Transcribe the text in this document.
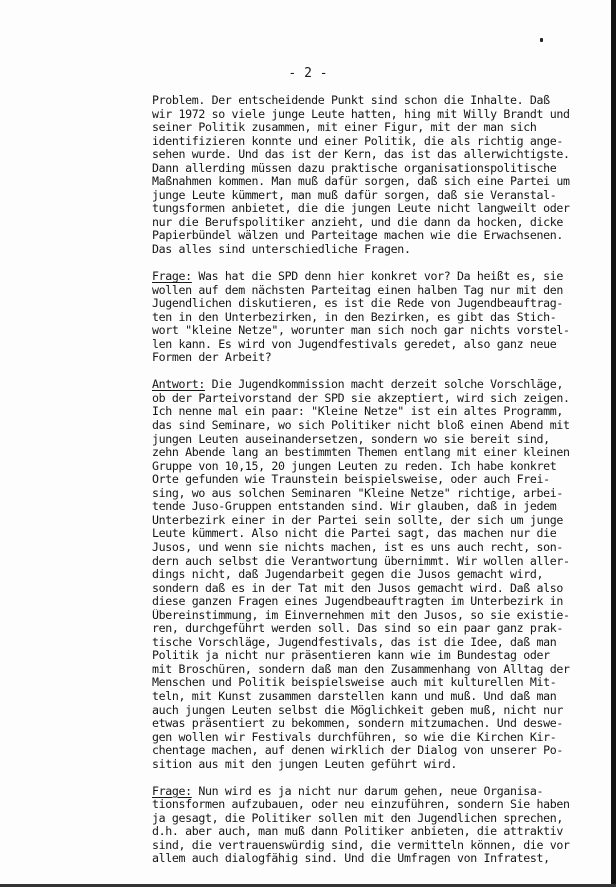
- 2 -
Problem. Der entscheidende Punkt sind schon die Inhalte. Daß
wir 1972 so viele junge Leute hatten, hing mit Willy Brandt und
seiner Politik zusammen, mit einer Figur, mit der man sich
identifizieren konnte und einer Politik, die als richtig ange-
sehen wurde. Und das ist der Kern, das ist das allerwichtigste.
Dann allerding müssen dazu praktische organisationspolitische
Maßnahmen kommen. Man muß dafür sorgen, daß sich eine Partei um
junge Leute kümmert, man muß dafür sorgen, daß sie Veranstal-
tungsformen anbietet, die die jungen Leute nicht langweilt oder
nur die Berufspolitiker anzieht, und die dann da hocken, dicke
Papierbündel wälzen und Parteitage machen wie die Erwachsenen.
Das alles sind unterschiedliche Fragen.
Frage: Was hat die SPD denn hier konkret vor? Da heißt es, sie
wollen auf dem nächsten Parteitag einen halben Tag nur mit den
Jugendlichen diskutieren, es ist die Rede von Jugendbeauftrag-
ten in den Unterbezirken, in den Bezirken, es gibt das Stich-
wort "kleine Netze", worunter man sich noch gar nichts vorstel-
len kann. Es wird von Jugendfestivals geredet, also ganz neue
Formen der Arbeit?
Antwort: Die Jugendkommission macht derzeit solche Vorschläge,
ob der Parteivorstand der SPD sie akzeptiert, wird sich zeigen.
Ich nenne mal ein paar: "Kleine Netze" ist ein altes Programm,
das sind Seminare, wo sich Politiker nicht bloß einen Abend mit
jungen Leuten auseinandersetzen, sondern wo sie bereit sind,
zehn Abende lang an bestimmten Themen entlang mit einer kleinen
Gruppe von 10,15, 20 jungen Leuten zu reden. Ich habe konkret
Orte gefunden wie Traunstein beispielsweise, oder auch Frei-
sing, wo aus solchen Seminaren "Kleine Netze" richtige, arbei-
tende Juso-Gruppen entstanden sind. Wir glauben, daß in jedem
Unterbezirk einer in der Partei sein sollte, der sich um junge
Leute kümmert. Also nicht die Partei sagt, das machen nur die
Jusos, und wenn sie nichts machen, ist es uns auch recht, son-
dern auch selbst die Verantwortung übernimmt. Wir wollen aller-
dings nicht, daß Jugendarbeit gegen die Jusos gemacht wird,
sondern daß es in der Tat mit den Jusos gemacht wird. Daß also
diese ganzen Fragen eines Jugendbeauftragten im Unterbezirk in
Übereinstimmung, im Einvernehmen mit den Jusos, so sie existie-
ren, durchgeführt werden soll. Das sind so ein paar ganz prak-
tische Vorschläge, Jugendfestivals, das ist die Idee, daß man
Politik ja nicht nur präsentieren kann wie im Bundestag oder
mit Broschüren, sondern daß man den Zusammenhang von Alltag der
Menschen und Politik beispielsweise auch mit kulturellen Mit-
teln, mit Kunst zusammen darstellen kann und muß. Und daß man
auch jungen Leuten selbst die Möglichkeit geben muß, nicht nur
etwas präsentiert zu bekommen, sondern mitzumachen. Und deswe-
gen wollen wir Festivals durchführen, so wie die Kirchen Kir-
chentage machen, auf denen wirklich der Dialog von unserer Po-
sition aus mit den jungen Leuten geführt wird.
Frage: Nun wird es ja nicht nur darum gehen, neue Organisa-
tionsformen aufzubauen, oder neu einzuführen, sondern Sie haben
ja gesagt, die Politiker sollen mit den Jugendlichen sprechen,
d.h. aber auch, man muß dann Politiker anbieten, die attraktiv
sind, die vertrauenswürdig sind, die vermitteln können, die vor
allem auch dialogfähig sind. Und die Umfragen von Infratest,
